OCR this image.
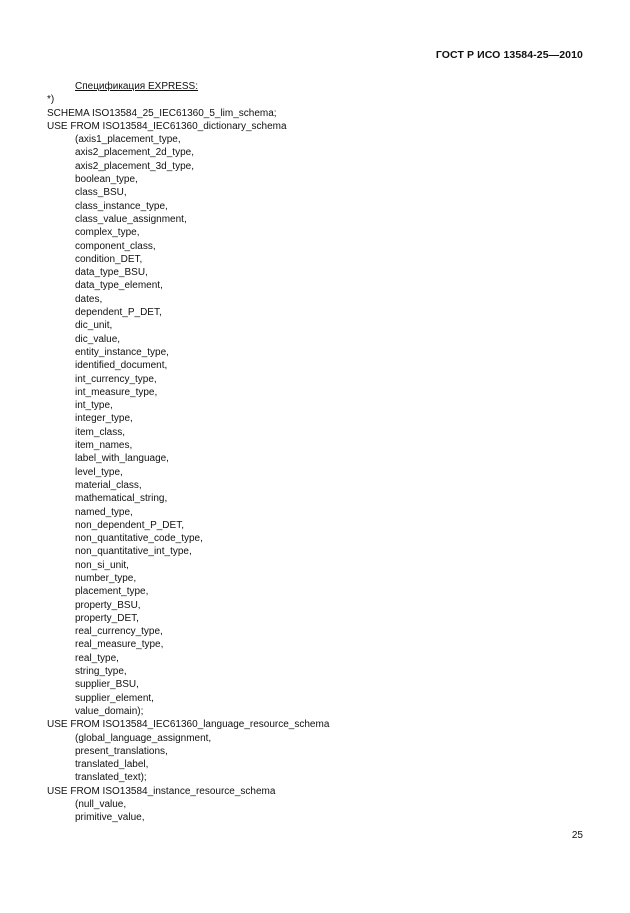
ГОСТ Р ИСО 13584-25—2010
Спецификация EXPRESS:
*)
SCHEMA ISO13584_25_IEC61360_5_lim_schema;
USE FROM ISO13584_IEC61360_dictionary_schema
(axis1_placement_type,
axis2_placement_2d_type,
axis2_placement_3d_type,
boolean_type,
class_BSU,
class_instance_type,
class_value_assignment,
complex_type,
component_class,
condition_DET,
data_type_BSU,
data_type_element,
dates,
dependent_P_DET,
dic_unit,
dic_value,
entity_instance_type,
identified_document,
int_currency_type,
int_measure_type,
int_type,
integer_type,
item_class,
item_names,
label_with_language,
level_type,
material_class,
mathematical_string,
named_type,
non_dependent_P_DET,
non_quantitative_code_type,
non_quantitative_int_type,
non_si_unit,
number_type,
placement_type,
property_BSU,
property_DET,
real_currency_type,
real_measure_type,
real_type,
string_type,
supplier_BSU,
supplier_element,
value_domain);
USE FROM ISO13584_IEC61360_language_resource_schema
(global_language_assignment,
present_translations,
translated_label,
translated_text);
USE FROM ISO13584_instance_resource_schema
(null_value,
primitive_value,
25
